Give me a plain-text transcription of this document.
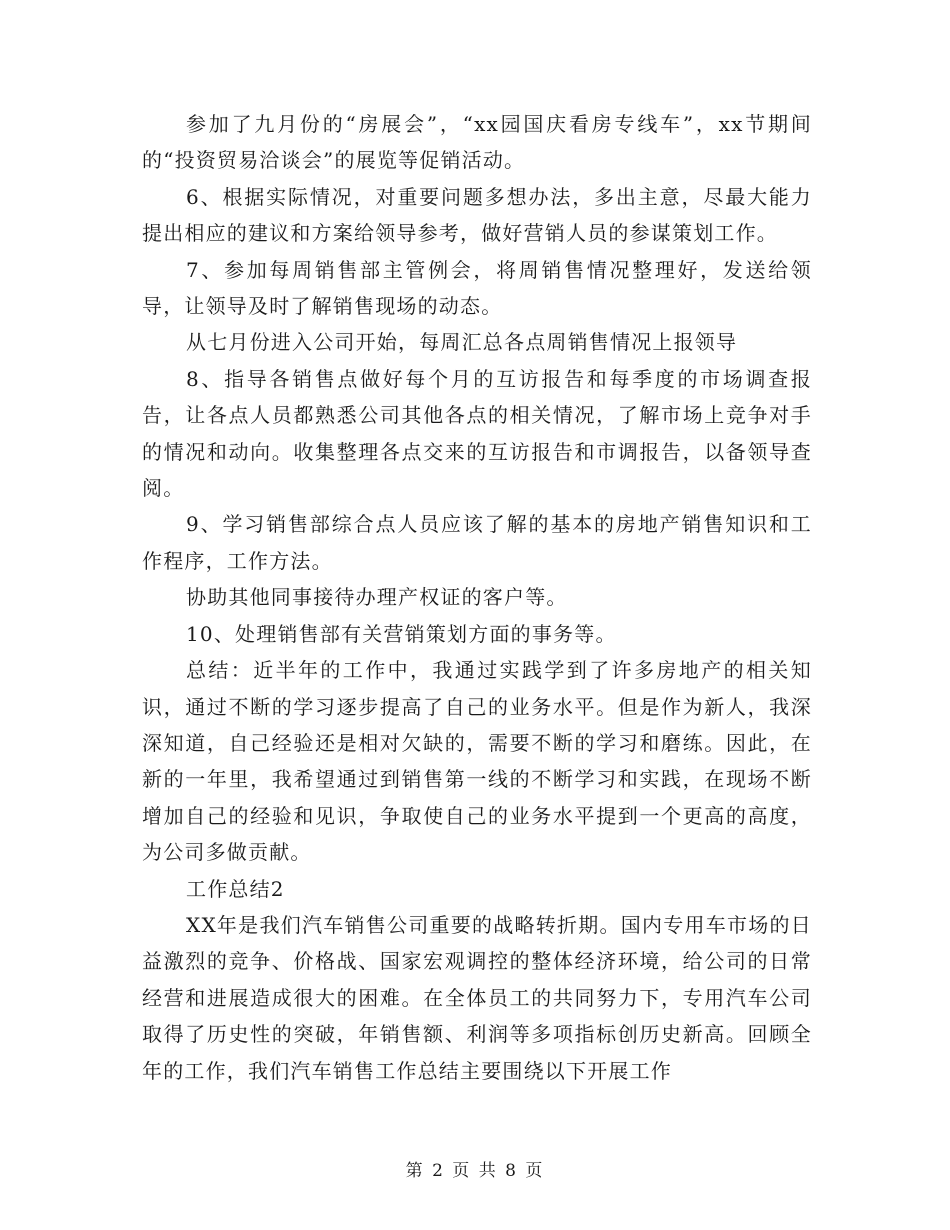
参加了九月份的“房展会”，“xx园国庆看房专线车”，xx节期间的“投资贸易洽谈会”的展览等促销活动。

6、根据实际情况，对重要问题多想办法，多出主意，尽最大能力提出相应的建议和方案给领导参考，做好营销人员的参谋策划工作。

7、参加每周销售部主管例会，将周销售情况整理好，发送给领导，让领导及时了解销售现场的动态。

从七月份进入公司开始，每周汇总各点周销售情况上报领导

8、指导各销售点做好每个月的互访报告和每季度的市场调查报告，让各点人员都熟悉公司其他各点的相关情况，了解市场上竞争对手的情况和动向。收集整理各点交来的互访报告和市调报告，以备领导查阅。

9、学习销售部综合点人员应该了解的基本的房地产销售知识和工作程序，工作方法。

协助其他同事接待办理产权证的客户等。

10、处理销售部有关营销策划方面的事务等。

总结：近半年的工作中，我通过实践学到了许多房地产的相关知识，通过不断的学习逐步提高了自己的业务水平。但是作为新人，我深深知道，自己经验还是相对欠缺的，需要不断的学习和磨练。因此，在新的一年里，我希望通过到销售第一线的不断学习和实践，在现场不断增加自己的经验和见识，争取使自己的业务水平提到一个更高的高度，为公司多做贡献。

工作总结2

XX年是我们汽车销售公司重要的战略转折期。国内专用车市场的日益激烈的竞争、价格战、国家宏观调控的整体经济环境，给公司的日常经营和进展造成很大的困难。在全体员工的共同努力下，专用汽车公司取得了历史性的突破，年销售额、利润等多项指标创历史新高。回顾全年的工作，我们汽车销售工作总结主要围绕以下开展工作

第 2 页 共 8 页
